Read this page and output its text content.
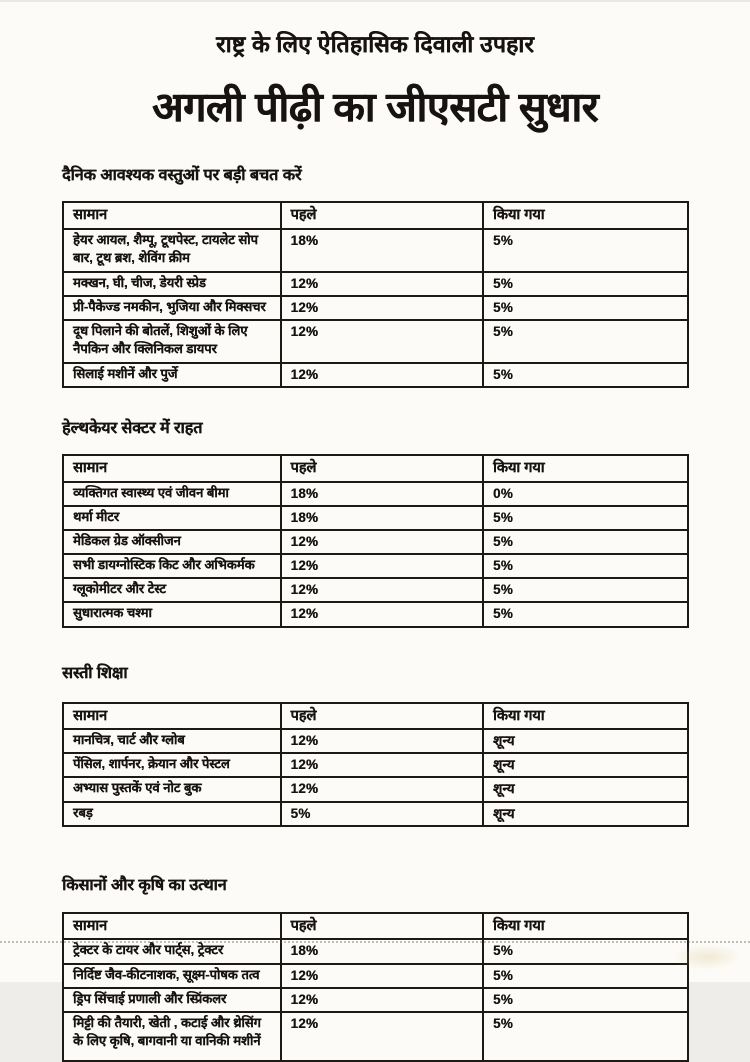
राष्ट्र के लिए ऐतिहासिक दिवाली उपहार
अगली पीढ़ी का जीएसटी सुधार
दैनिक आवश्यक वस्तुओं पर बड़ी बचत करें
सामान	पहले	किया गया
हेयर आयल, शैम्पू, टूथपेस्ट, टायलेट सोप बार, टूथ ब्रश, शेविंग क्रीम	18%	5%
मक्खन, घी, चीज, डेयरी स्प्रेड	12%	5%
प्री-पैकेज्ड नमकीन, भुजिया और मिक्सचर	12%	5%
दूध पिलाने की बोतलें, शिशुओं के लिए नैपकिन और क्लिनिकल डायपर	12%	5%
सिलाई मशीनें और पुर्जे	12%	5%
हेल्थकेयर सेक्टर में राहत
सामान	पहले	किया गया
व्यक्तिगत स्वास्थ्य एवं जीवन बीमा	18%	0%
थर्मा मीटर	18%	5%
मेडिकल ग्रेड ऑक्सीजन	12%	5%
सभी डायग्नोस्टिक किट और अभिकर्मक	12%	5%
ग्लूकोमीटर और टेस्ट	12%	5%
सुधारात्मक चश्मा	12%	5%
सस्ती शिक्षा
सामान	पहले	किया गया
मानचित्र, चार्ट और ग्लोब	12%	शून्य
पेंसिल, शार्पनर, क्रेयान और पेस्टल	12%	शून्य
अभ्यास पुस्तकें एवं नोट बुक	12%	शून्य
रबड़	5%	शून्य
किसानों और कृषि का उत्थान
सामान	पहले	किया गया
ट्रेक्टर के टायर और पार्ट्स, ट्रेक्टर	18%	5%
निर्दिष्ट जैव-कीटनाशक, सूक्ष्म-पोषक तत्व	12%	5%
ड्रिप सिंचाई प्रणाली और स्प्रिंकलर	12%	5%
मिट्टी की तैयारी, खेती , कटाई और थ्रेसिंग के लिए कृषि, बागवानी या वानिकी मशीनें	12%	5%
